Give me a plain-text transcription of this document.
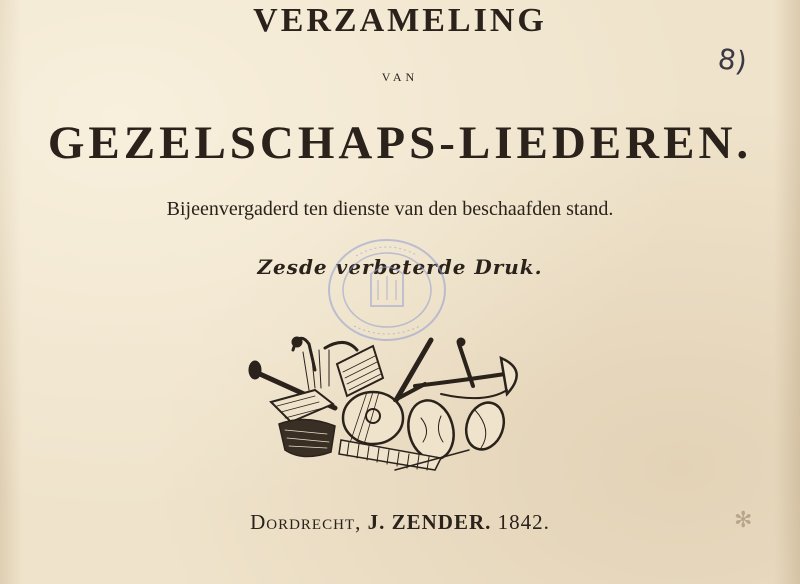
VERZAMELING
van
GEZELSCHAPS-LIEDEREN.
Bijeenvergaderd ten dienste van den beschaafden stand.
Zesde verbeterde Druk.
8)
Dordrecht, J. ZENDER. 1842.	✻
